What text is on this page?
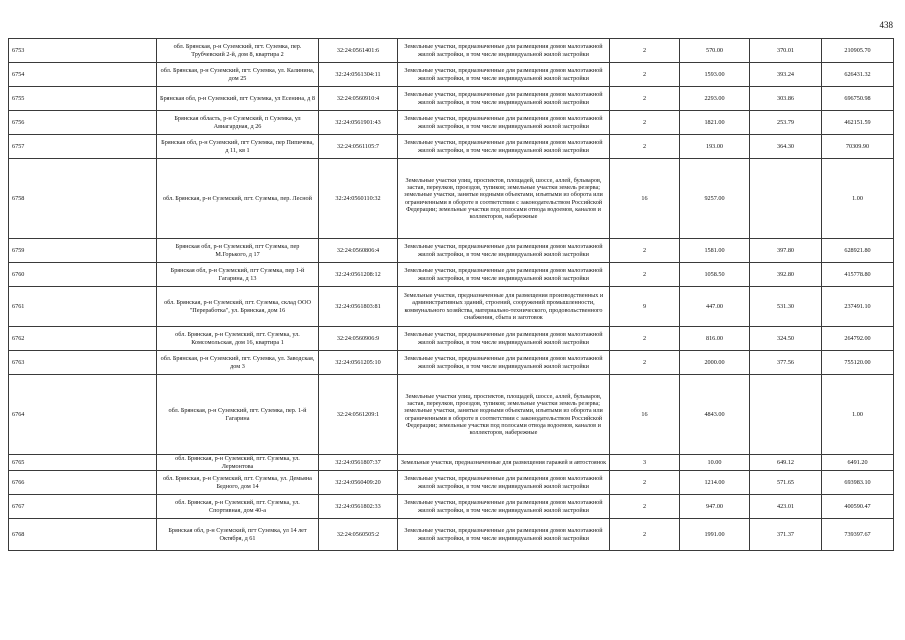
438
6753	обл. Брянская, р-н Суземский, пгт. Суземка, пер. Трубчевский 2-й, дом 8, квартира 2	32:24:0561401:6	Земельные участки, предназначенные для размещения домов малоэтажной жилой застройки, в том числе индивидуальной жилой застройки	2	570.00	370.01	210905.70
6754	обл. Брянская, р-н Суземский, пгт. Суземка, ул. Калинина, дом 25	32:24:0561304:11	Земельные участки, предназначенные для размещения домов малоэтажной жилой застройки, в том числе индивидуальной жилой застройки	2	1593.00	393.24	626431.32
6755	Брянская обл, р-н Суземский, пгт Суземка, ул Есенина, д 8	32:24:0560910:4	Земельные участки, предназначенные для размещения домов малоэтажной жилой застройки, в том числе индивидуальной жилой застройки	2	2293.00	303.86	696750.98
6756	Брянская область, р-н Суземский, п Суземка, ул Авиагардная, д 26	32:24:0561901:43	Земельные участки, предназначенные для размещения домов малоэтажной жилой застройки, в том числе индивидуальной жилой застройки	2	1821.00	253.79	462151.59
6757	Брянская обл, р-н Суземский, пгт Суземка, пер Пипичева, д 11, кв 1	32:24:0561105:7	Земельные участки, предназначенные для размещения домов малоэтажной жилой застройки, в том числе индивидуальной жилой застройки	2	193.00	364.30	70309.90
6758	обл. Брянская, р-н Суземский, пгт. Суземка, пер. Лесной	32:24:0560110:32	Земельные участки улиц, проспектов, площадей, шоссе, аллей, бульваров, застав, переулков, проездов, тупиков; земельные участки земель резерва; земельные участки, занятые водными объектами, изъятыми из оборота или ограниченными в обороте в соответствии с законодательством Российской Федерации; земельные участки под полосами отвода водоемов, каналов и коллекторов, набережные	16	9257.00		1.00
6759	Брянская обл, р-н Суземский, пгт Суземка, пер М.Горького, д 17	32:24:0560806:4	Земельные участки, предназначенные для размещения домов малоэтажной жилой застройки, в том числе индивидуальной жилой застройки	2	1581.00	397.80	628921.80
6760	Брянская обл, р-н Суземский, пгт Суземка, пер 1-й Гагарина, д 13	32:24:0561208:12	Земельные участки, предназначенные для размещения домов малоэтажной жилой застройки, в том числе индивидуальной жилой застройки	2	1058.50	392.80	415778.80
6761	обл. Брянская, р-н Суземский, пгт. Суземка, склад ООО "Переработка", ул. Брянская, дом 16	32:24:0561803:81	Земельные участки, предназначенные для размещения производственных и административных зданий, строений, сооружений промышленности, коммунального хозяйства, материально-технического, продовольственного снабжения, сбыта и заготовок	9	447.00	531.30	237491.10
6762	обл. Брянская, р-н Суземский, пгт. Суземка, ул. Комсомольская, дом 16, квартира 1	32:24:0560906:9	Земельные участки, предназначенные для размещения домов малоэтажной жилой застройки, в том числе индивидуальной жилой застройки	2	816.00	324.50	264792.00
6763	обл. Брянская, р-н Суземский, пгт. Суземка, ул. Заводская, дом 3	32:24:0561205:10	Земельные участки, предназначенные для размещения домов малоэтажной жилой застройки, в том числе индивидуальной жилой застройки	2	2000.00	377.56	755120.00
6764	обл. Брянская, р-н Суземский, пгт. Суземка, пер. 1-й Гагарина	32:24:0561209:1	Земельные участки улиц, проспектов, площадей, шоссе, аллей, бульваров, застав, переулков, проездов, тупиков; земельные участки земель резерва; земельные участки, занятые водными объектами, изъятыми из оборота или ограниченными в обороте в соответствии с законодательством Российской Федерации; земельные участки под полосами отвода водоемов, каналов и коллекторов, набережные	16	4843.00		1.00
6765	обл. Брянская, р-н Суземский, пгт. Суземка, ул. Лермонтова	32:24:0561807:37	Земельные участки, предназначенные для размещения гаражей и автостоянок	3	10.00	649.12	6491.20
6766	обл. Брянская, р-н Суземский, пгт. Суземка, ул. Демьяна Бедного, дом 14	32:24:0560409:20	Земельные участки, предназначенные для размещения домов малоэтажной жилой застройки, в том числе индивидуальной жилой застройки	2	1214.00	571.65	693983.10
6767	обл. Брянская, р-н Суземский, пгт. Суземка, ул. Спортивная, дом 40-а	32:24:0561802:33	Земельные участки, предназначенные для размещения домов малоэтажной жилой застройки, в том числе индивидуальной жилой застройки	2	947.00	423.01	400590.47
6768	Брянская обл, р-н Суземский, пгт Суземка, ул 14 лет Октября, д 61	32:24:0560505:2	Земельные участки, предназначенные для размещения домов малоэтажной жилой застройки, в том числе индивидуальной жилой застройки	2	1991.00	371.37	739397.67
